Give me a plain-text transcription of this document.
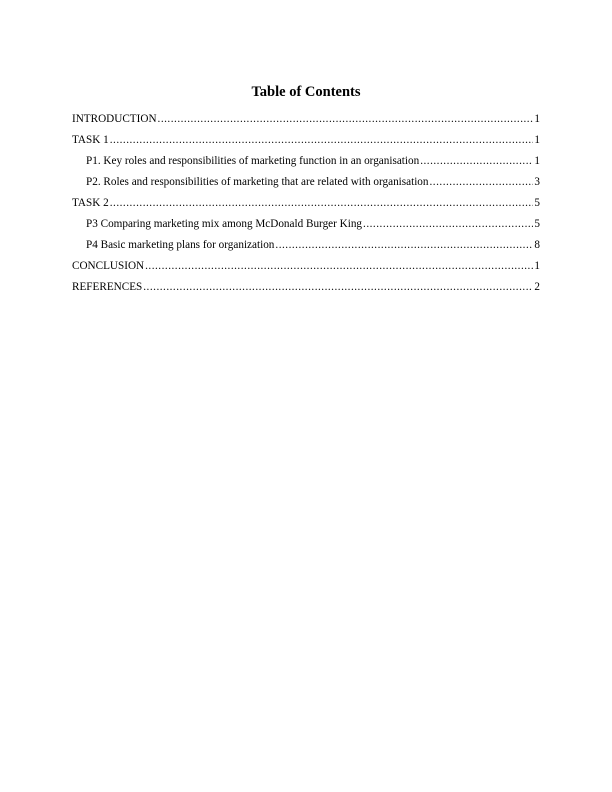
Table of Contents
INTRODUCTION .....	1
TASK 1 .....	1
P1. Key roles and responsibilities of marketing function in an organisation .....	1
P2. Roles and responsibilities of marketing that are related with organisation .....	3
TASK 2 .....	5
P3 Comparing marketing mix among McDonald Burger King .....	5
P4 Basic marketing plans for organization .....	8
CONCLUSION .....	1
REFERENCES .....	2
